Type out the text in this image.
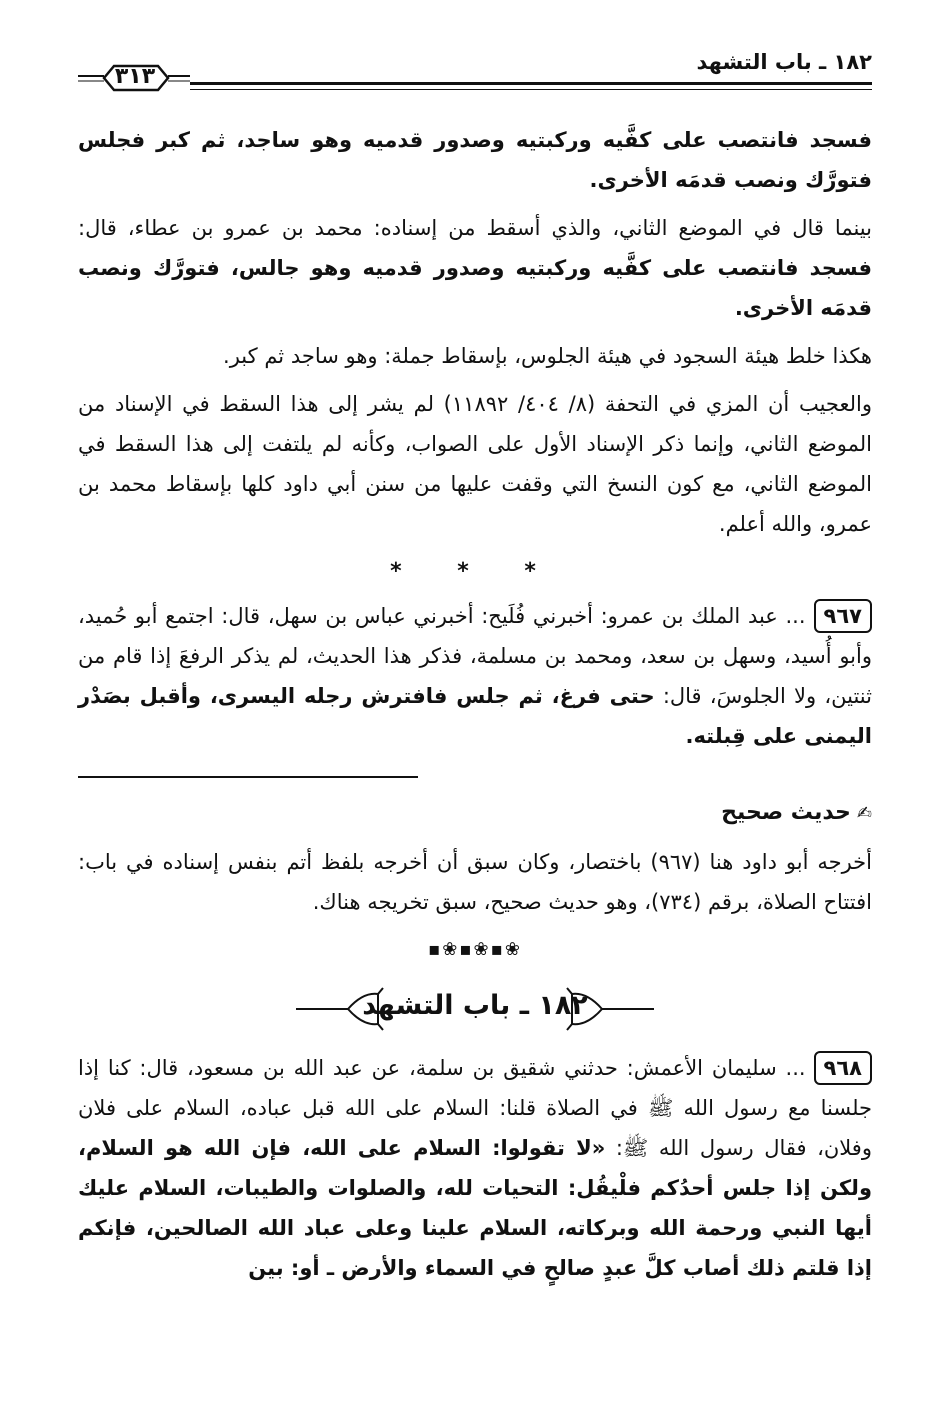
١٨٢ ـ باب التشهد
٣١٣

فسجد فانتصب على كفَّيه وركبتيه وصدور قدميه وهو ساجد، ثم كبر فجلس فتورَّك ونصب قدمَه الأخرى.

بينما قال في الموضع الثاني، والذي أسقط من إسناده: محمد بن عمرو بن عطاء، قال: فسجد فانتصب على كفَّيه وركبتيه وصدور قدميه وهو جالس، فتورَّك ونصب قدمَه الأخرى.

هكذا خلط هيئة السجود في هيئة الجلوس، بإسقاط جملة: وهو ساجد ثم كبر.

والعجيب أن المزي في التحفة (٨/ ٤٠٤/ ١١٨٩٢) لم يشر إلى هذا السقط في الإسناد من الموضع الثاني، وإنما ذكر الإسناد الأول على الصواب، وكأنه لم يلتفت إلى هذا السقط في الموضع الثاني، مع كون النسخ التي وقفت عليها من سنن أبي داود كلها بإسقاط محمد بن عمرو، والله أعلم.

* * *

٩٦٧... عبد الملك بن عمرو: أخبرني فُلَيح: أخبرني عباس بن سهل، قال: اجتمع أبو حُميد، وأبو أُسيد، وسهل بن سعد، ومحمد بن مسلمة، فذكر هذا الحديث، لم يذكر الرفعَ إذا قام من ثنتين، ولا الجلوسَ، قال: حتى فرغ، ثم جلس فافترش رجله اليسرى، وأقبل بصَدْر اليمنى على قِبلته.

✍حديث صحيح

أخرجه أبو داود هنا (٩٦٧) باختصار، وكان سبق أن أخرجه بلفظ أتم بنفس إسناده في باب: افتتاح الصلاة، برقم (٧٣٤)، وهو حديث صحيح، سبق تخريجه هناك.

❀▪❀▪❀▪
١٨٢ ـ باب التشهد

٩٦٨... سليمان الأعمش: حدثني شقيق بن سلمة، عن عبد الله بن مسعود، قال: كنا إذا جلسنا مع رسول الله ﷺ في الصلاة قلنا: السلام على الله قبل عباده، السلام على فلان وفلان، فقال رسول الله ﷺ: «لا تقولوا: السلام على الله، فإن الله هو السلام، ولكن إذا جلس أحدُكم فلْيقُل: التحيات لله، والصلوات والطيبات، السلام عليك أيها النبي ورحمة الله وبركاته، السلام علينا وعلى عباد الله الصالحين، فإنكم إذا قلتم ذلك أصاب كلَّ عبدٍ صالحٍ في السماء والأرض ـ أو: بين
